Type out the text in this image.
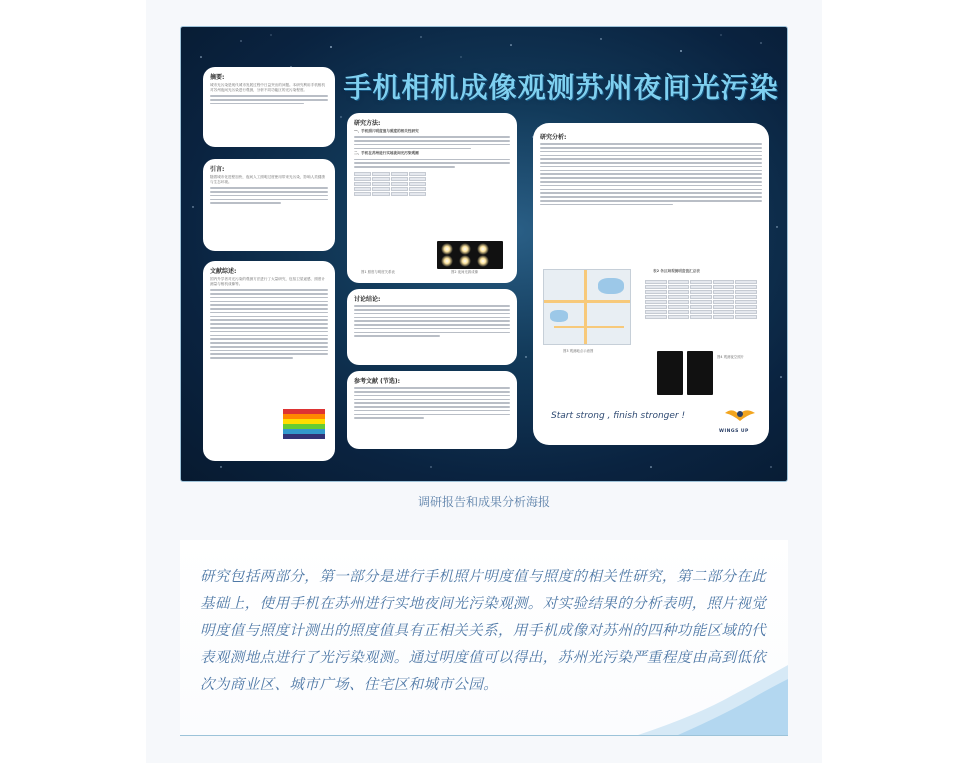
手机相机成像观测苏州夜间光污染
摘要:
城市光污染是现代城市发展过程中日益突出的问题。本研究利用手机相机对苏州夜间光污染进行观测，分析不同功能区的光污染程度。
引言:
随着城市化进程加快，夜间人工照明过度使用带来光污染，影响人类健康与生态环境。
文献综述:
国内外学者对光污染的观测方法进行了大量研究，包括卫星遥感、照度计测量与相机成像等。
研究方法:
一、手机照片明度值与照度的相关性研究
二、手机在苏州进行实地夜间光污染观测
图1 照度与明度关系表	图2 夜间光源成像
讨论结论:
参考文献 (节选):
研究分析:
图3 观测地点示意图
表2 各区域观测明度值汇总表
图4 观测夜空照片
Start strong , finish stronger !
WINGS UP
调研报告和成果分析海报
研究包括两部分，第一部分是进行手机照片明度值与照度的相关性研究，第二部分在此基础上，使用手机在苏州进行实地夜间光污染观测。对实验结果的分析表明，照片视觉明度值与照度计测出的照度值具有正相关关系，用手机成像对苏州的四种功能区域的代表观测地点进行了光污染观测。通过明度值可以得出，苏州光污染严重程度由高到低依次为商业区、城市广场、住宅区和城市公园。
